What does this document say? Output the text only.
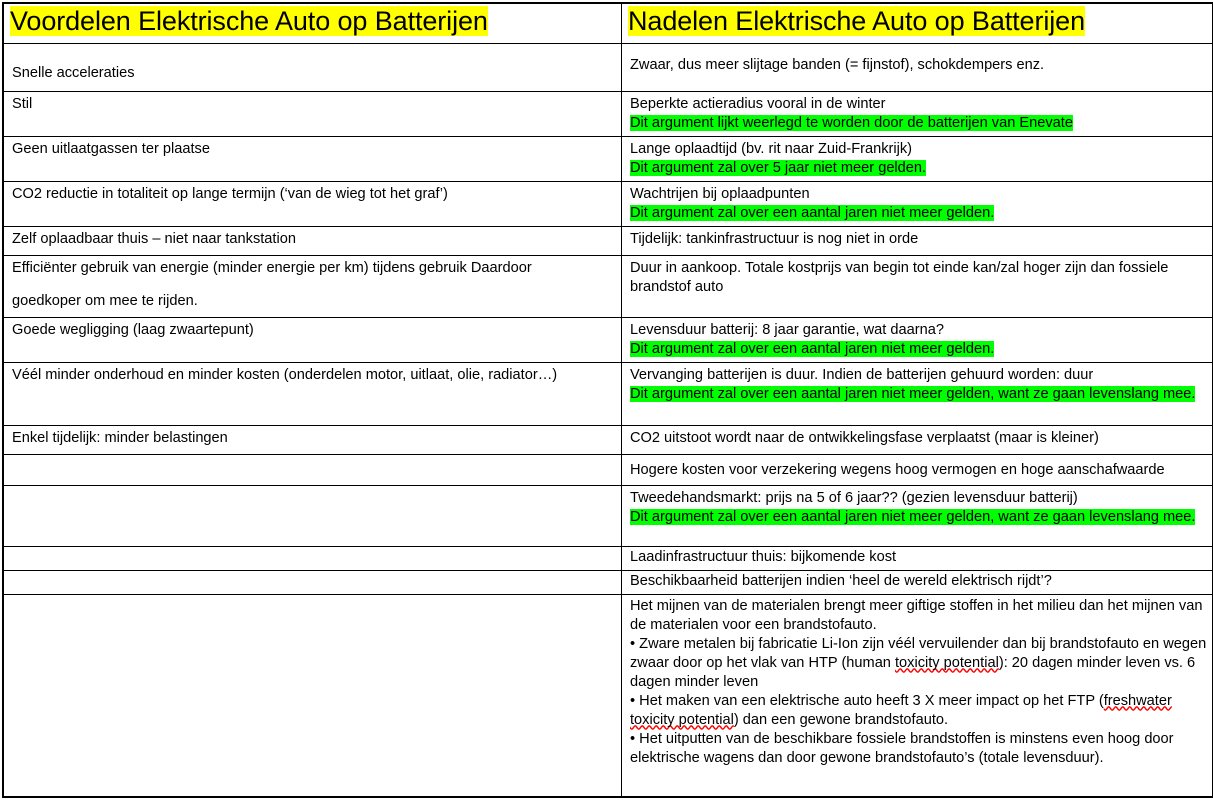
Voordelen Elektrische Auto op Batterijen	Nadelen Elektrische Auto op Batterijen

Snelle acceleraties	Zwaar, dus meer slijtage banden (= fijnstof), schokdempers enz.

Stil	Beperkte actieradius vooral in de winter

Dit argument lijkt weerlegd te worden door de batterijen van Enevate

Geen uitlaatgassen ter plaatse	Lange oplaadtijd (bv. rit naar Zuid-Frankrijk)

Dit argument zal over 5 jaar niet meer gelden.

CO2 reductie in totaliteit op lange termijn (‘van de wieg tot het graf’)	Wachtrijen bij oplaadpunten

Dit argument zal over een aantal jaren niet meer gelden.

Zelf oplaadbaar thuis – niet naar tankstation	Tijdelijk: tankinfrastructuur is nog niet in orde

Efficiënter gebruik van energie (minder energie per km) tijdens gebruik Daardoor

goedkoper om mee te rijden.	Duur in aankoop. Totale kostprijs van begin tot einde kan/zal hoger zijn dan fossiele brandstof auto

Goede wegligging (laag zwaartepunt)	Levensduur batterij: 8 jaar garantie, wat daarna?

Dit argument zal over een aantal jaren niet meer gelden.

Véél minder onderhoud en minder kosten (onderdelen motor, uitlaat, olie, radiator…)	Vervanging batterijen is duur. Indien de batterijen gehuurd worden: duur

Dit argument zal over een aantal jaren niet meer gelden, want ze gaan levenslang mee.

Enkel tijdelijk: minder belastingen	CO2 uitstoot wordt naar de ontwikkelingsfase verplaatst (maar is kleiner)

	Hogere kosten voor verzekering wegens hoog vermogen en hoge aanschafwaarde

	Tweedehandsmarkt: prijs na 5 of 6 jaar?? (gezien levensduur batterij)

Dit argument zal over een aantal jaren niet meer gelden, want ze gaan levenslang mee.

	Laadinfrastructuur thuis: bijkomende kost

	Beschikbaarheid batterijen indien ‘heel de wereld elektrisch rijdt’?

	Het mijnen van de materialen brengt meer giftige stoffen in het milieu dan het mijnen van de materialen voor een brandstofauto.

• Zware metalen bij fabricatie Li-Ion zijn véél vervuilender dan bij brandstofauto en wegen zwaar door op het vlak van HTP (human toxicity potential): 20 dagen minder leven vs. 6 dagen minder leven

• Het maken van een elektrische auto heeft 3 X meer impact op het FTP (freshwater toxicity potential) dan een gewone brandstofauto.

• Het uitputten van de beschikbare fossiele brandstoffen is minstens even hoog door elektrische wagens dan door gewone brandstofauto’s (totale levensduur).
